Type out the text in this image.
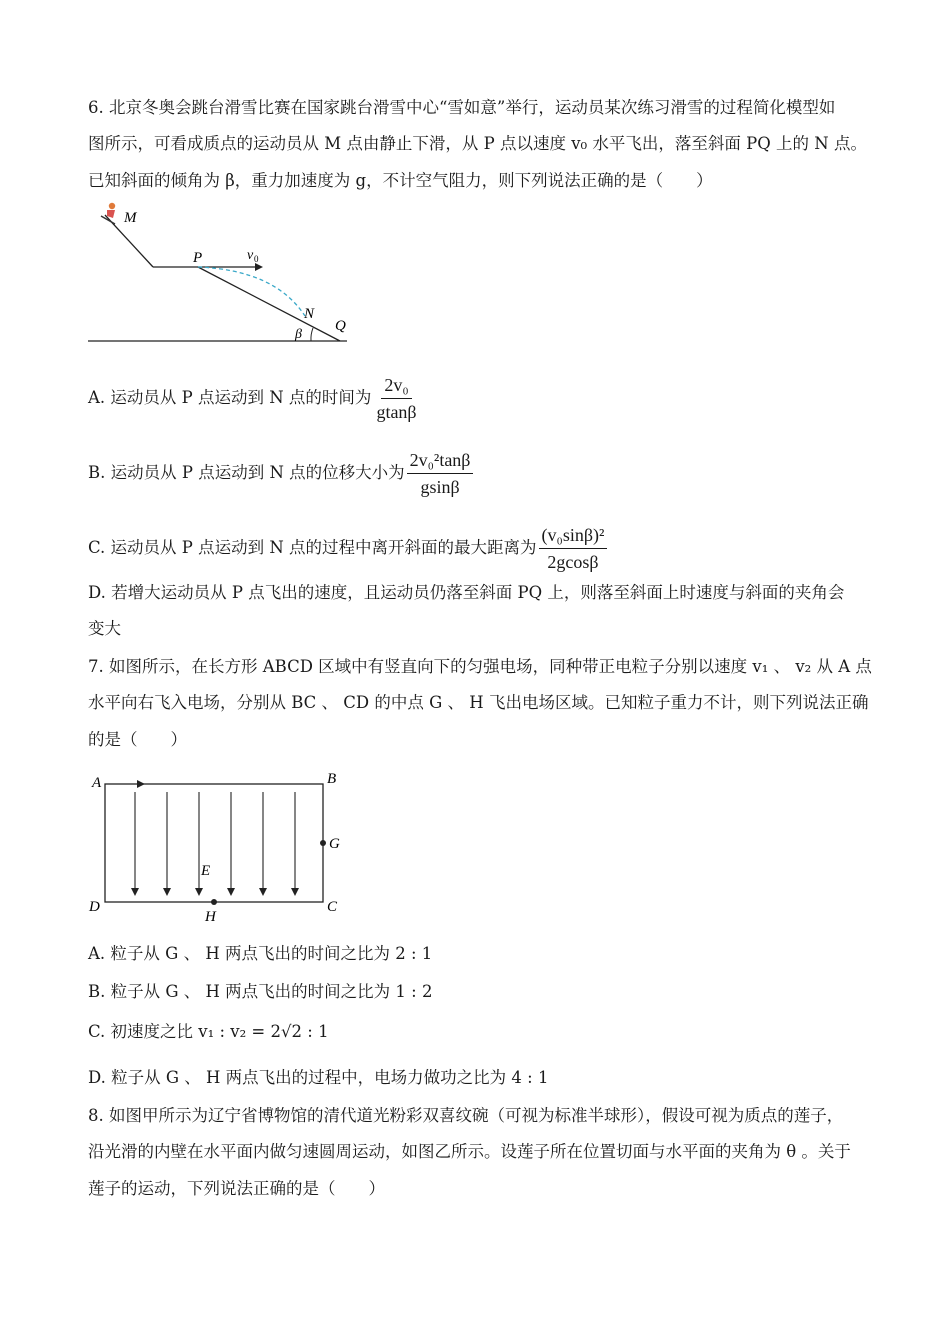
6. 北京冬奥会跳台滑雪比赛在国家跳台滑雪中心“雪如意”举行，运动员某次练习滑雪的过程简化模型如
图所示，可看成质点的运动员从 M 点由静止下滑，从 P 点以速度 v₀ 水平飞出，落至斜面 PQ 上的 N 点。
已知斜面的倾角为 β，重力加速度为 g，不计空气阻力，则下列说法正确的是（　　）
M
P	v 0
N
Q
β
A. 运动员从 P 点运动到 N 点的时间为 $\frac{\text{2v₀}}{gtan\beta}$
B. 运动员从 P 点运动到 N 点的位移大小为 $\frac{\text{2v₀²tanβ}}{gsin\beta}$
C. 运动员从 P 点运动到 N 点的过程中离开斜面的最大距离为 $\frac{\text{(v₀sinβ)²}}{2gcos\beta}$
D. 若增大运动员从 P 点飞出的速度，且运动员仍落至斜面 PQ 上，则落至斜面上时速度与斜面的夹角会
变大
7. 如图所示，在长方形 ABCD 区域中有竖直向下的匀强电场，同种带正电粒子分别以速度 v₁ 、 v₂ 从 A 点
水平向右飞入电场，分别从 BC 、 CD 的中点 G 、 H 飞出电场区域。已知粒子重力不计，则下列说法正确
的是（　　）
A	B
C
D
E
G
H
A. 粒子从 G 、 H 两点飞出的时间之比为 2 : 1
B. 粒子从 G 、 H 两点飞出的时间之比为 1 : 2
C. 初速度之比 v₁ : v₂ = 2√2 : 1
D. 粒子从 G 、 H 两点飞出的过程中，电场力做功之比为 4 : 1
8. 如图甲所示为辽宁省博物馆的清代道光粉彩双喜纹碗（可视为标准半球形），假设可视为质点的莲子，
沿光滑的内壁在水平面内做匀速圆周运动，如图乙所示。设莲子所在位置切面与水平面的夹角为 θ 。关于
莲子的运动，下列说法正确的是（　　）
